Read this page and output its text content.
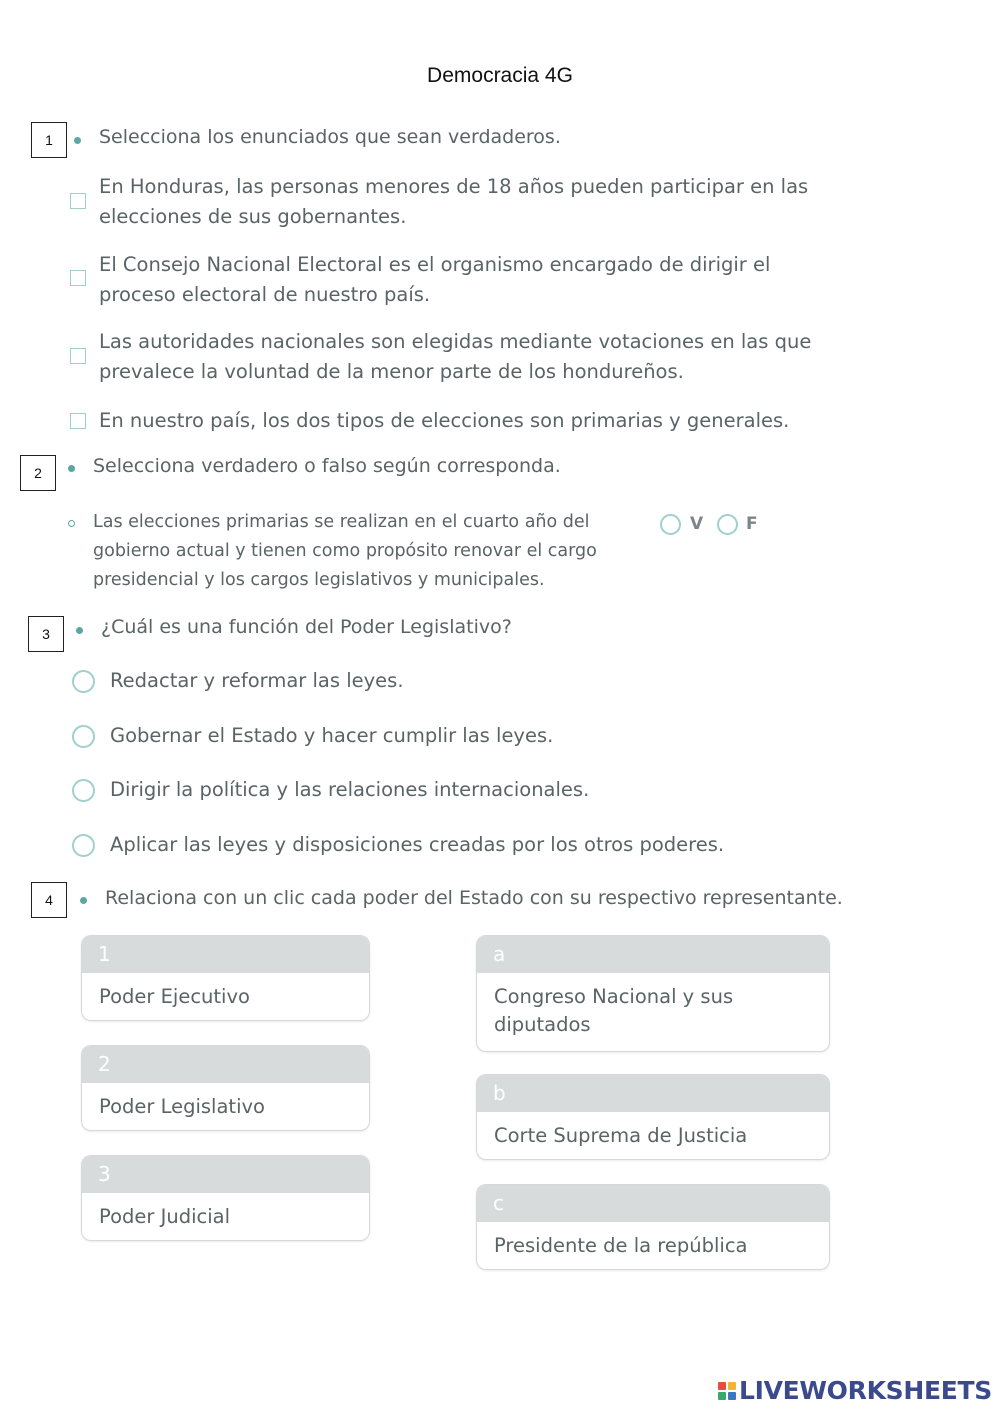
Democracia 4G
1	Selecciona los enunciados que sean verdaderos.
En Honduras, las personas menores de 18 años pueden participar en las elecciones de sus gobernantes.
El Consejo Nacional Electoral es el organismo encargado de dirigir el proceso electoral de nuestro país.
Las autoridades nacionales son elegidas mediante votaciones en las que prevalece la voluntad de la menor parte de los hondureños.
En nuestro país, los dos tipos de elecciones son primarias y generales.
2	Selecciona verdadero o falso según corresponda.
Las elecciones primarias se realizan en el cuarto año del gobierno actual y tienen como propósito renovar el cargo presidencial y los cargos legislativos y municipales.
V	F
3	¿Cuál es una función del Poder Legislativo?
Redactar y reformar las leyes.
Gobernar el Estado y hacer cumplir las leyes.
Dirigir la política y las relaciones internacionales.
Aplicar las leyes y disposiciones creadas por los otros poderes.
4	Relaciona con un clic cada poder del Estado con su respectivo representante.
1
Poder Ejecutivo
2
Poder Legislativo
3
Poder Judicial
a
Congreso Nacional y sus diputados
b
Corte Suprema de Justicia
c
Presidente de la república
LIVEWORKSHEETS
